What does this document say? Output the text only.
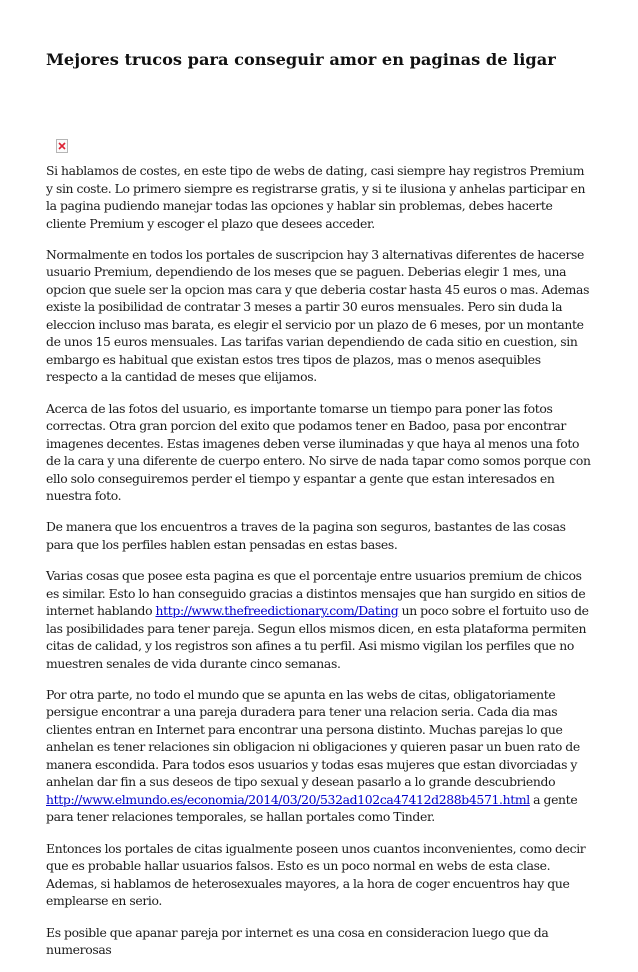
Mejores trucos para conseguir amor en paginas de ligar

Si hablamos de costes, en este tipo de webs de dating, casi siempre hay registros Premium y sin coste. Lo primero siempre es registrarse gratis, y si te ilusiona y anhelas participar en la pagina pudiendo manejar todas las opciones y hablar sin problemas, debes hacerte cliente Premium y escoger el plazo que desees acceder.

Normalmente en todos los portales de suscripcion hay 3 alternativas diferentes de hacerse usuario Premium, dependiendo de los meses que se paguen. Deberias elegir 1 mes, una opcion que suele ser la opcion mas cara y que deberia costar hasta 45 euros o mas. Ademas existe la posibilidad de contratar 3 meses a partir 30 euros mensuales. Pero sin duda la eleccion incluso mas barata, es elegir el servicio por un plazo de 6 meses, por un montante de unos 15 euros mensuales. Las tarifas varian dependiendo de cada sitio en cuestion, sin embargo es habitual que existan estos tres tipos de plazos, mas o menos asequibles respecto a la cantidad de meses que elijamos.

Acerca de las fotos del usuario, es importante tomarse un tiempo para poner las fotos correctas. Otra gran porcion del exito que podamos tener en Badoo, pasa por encontrar imagenes decentes. Estas imagenes deben verse iluminadas y que haya al menos una foto de la cara y una diferente de cuerpo entero. No sirve de nada tapar como somos porque con ello solo conseguiremos perder el tiempo y espantar a gente que estan interesados en nuestra foto.

De manera que los encuentros a traves de la pagina son seguros, bastantes de las cosas para que los perfiles hablen estan pensadas en estas bases.

Varias cosas que posee esta pagina es que el porcentaje entre usuarios premium de chicos es similar. Esto lo han conseguido gracias a distintos mensajes que han surgido en sitios de internet hablando http://www.thefreedictionary.com/Dating un poco sobre el fortuito uso de las posibilidades para tener pareja. Segun ellos mismos dicen, en esta plataforma permiten citas de calidad, y los registros son afines a tu perfil. Asi mismo vigilan los perfiles que no muestren senales de vida durante cinco semanas.

Por otra parte, no todo el mundo que se apunta en las webs de citas, obligatoriamente persigue encontrar a una pareja duradera para tener una relacion seria. Cada dia mas clientes entran en Internet para encontrar una persona distinto. Muchas parejas lo que anhelan es tener relaciones sin obligacion ni obligaciones y quieren pasar un buen rato de manera escondida. Para todos esos usuarios y todas esas mujeres que estan divorciadas y anhelan dar fin a sus deseos de tipo sexual y desean pasarlo a lo grande descubriendo http://www.elmundo.es/economia/2014/03/20/532ad102ca47412d288b4571.html a gente para tener relaciones temporales, se hallan portales como Tinder.

Entonces los portales de citas igualmente poseen unos cuantos inconvenientes, como decir que es probable hallar usuarios falsos. Esto es un poco normal en webs de esta clase. Ademas, si hablamos de heterosexuales mayores, a la hora de coger encuentros hay que emplearse en serio.

Es posible que apanar pareja por internet es una cosa en consideracion luego que da numerosas
